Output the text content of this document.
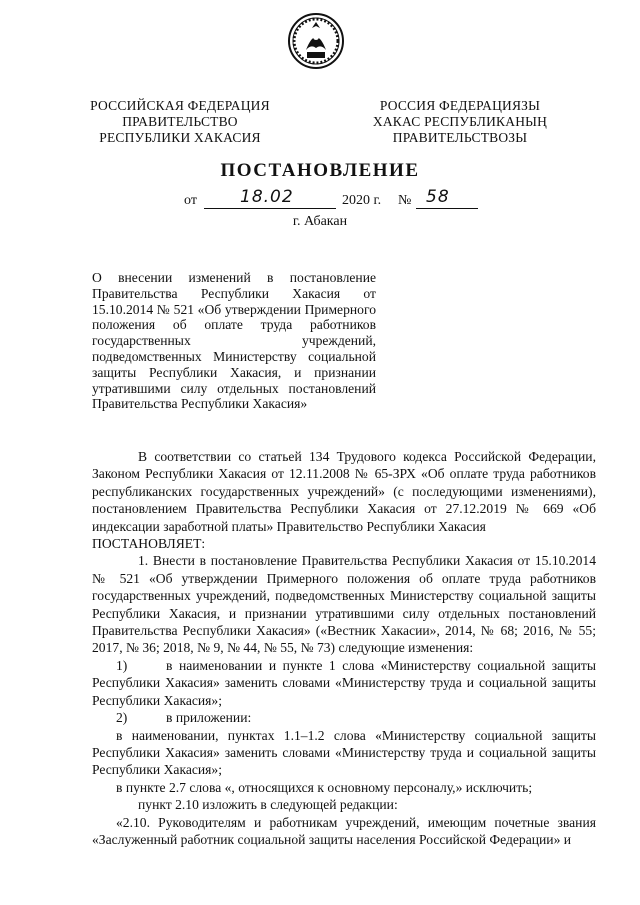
РОССИЙСКАЯ ФЕДЕРАЦИЯ
ПРАВИТЕЛЬСТВО
РЕСПУБЛИКИ ХАКАСИЯ
РОССИЯ ФЕДЕРАЦИЯЗЫ
ХАКАС РЕСПУБЛИКАНЫҢ
ПРАВИТЕЛЬСТВОЗЫ
ПОСТАНОВЛЕНИЕ
от	18.02	2020 г. № 58
г. Абакан
О внесении изменений в постановление Правительства Республики Хакасия от 15.10.2014 № 521 «Об утверждении Примерного положения об оплате труда работников государственных учреждений, подведомственных Министерству социальной защиты Республики Хакасия, и признании утратившими силу отдельных постановлений Правительства Республики Хакасия»

В соответствии со статьей 134 Трудового кодекса Российской Федерации, Законом Республики Хакасия от 12.11.2008 № 65-ЗРХ «Об оплате труда работников республиканских государственных учреждений» (с последующими изменениями), постановлением Правительства Республики Хакасия от 27.12.2019 № 669 «Об индексации заработной платы» Правительство Республики Хакасия

ПОСТАНОВЛЯЕТ:

1. Внести в постановление Правительства Республики Хакасия от 15.10.2014 № 521 «Об утверждении Примерного положения об оплате труда работников государственных учреждений, подведомственных Министерству социальной защиты Республики Хакасия, и признании утратившими силу отдельных постановлений Правительства Республики Хакасия» («Вестник Хакасии», 2014, № 68; 2016, № 55; 2017, № 36; 2018, № 9, № 44, № 55, № 73) следующие изменения:

1)	в наименовании и пункте 1 слова «Министерству социальной защиты Республики Хакасия» заменить словами «Министерству труда и социальной защиты Республики Хакасия»;

2)	в приложении:

в наименовании, пунктах 1.1–1.2 слова «Министерству социальной защиты Республики Хакасия» заменить словами «Министерству труда и социальной защиты Республики Хакасия»;

в пункте 2.7 слова «, относящихся к основному персоналу,» исключить;

пункт 2.10 изложить в следующей редакции:

«2.10. Руководителям и работникам учреждений, имеющим почетные звания «Заслуженный работник социальной защиты населения Российской Федерации» и
